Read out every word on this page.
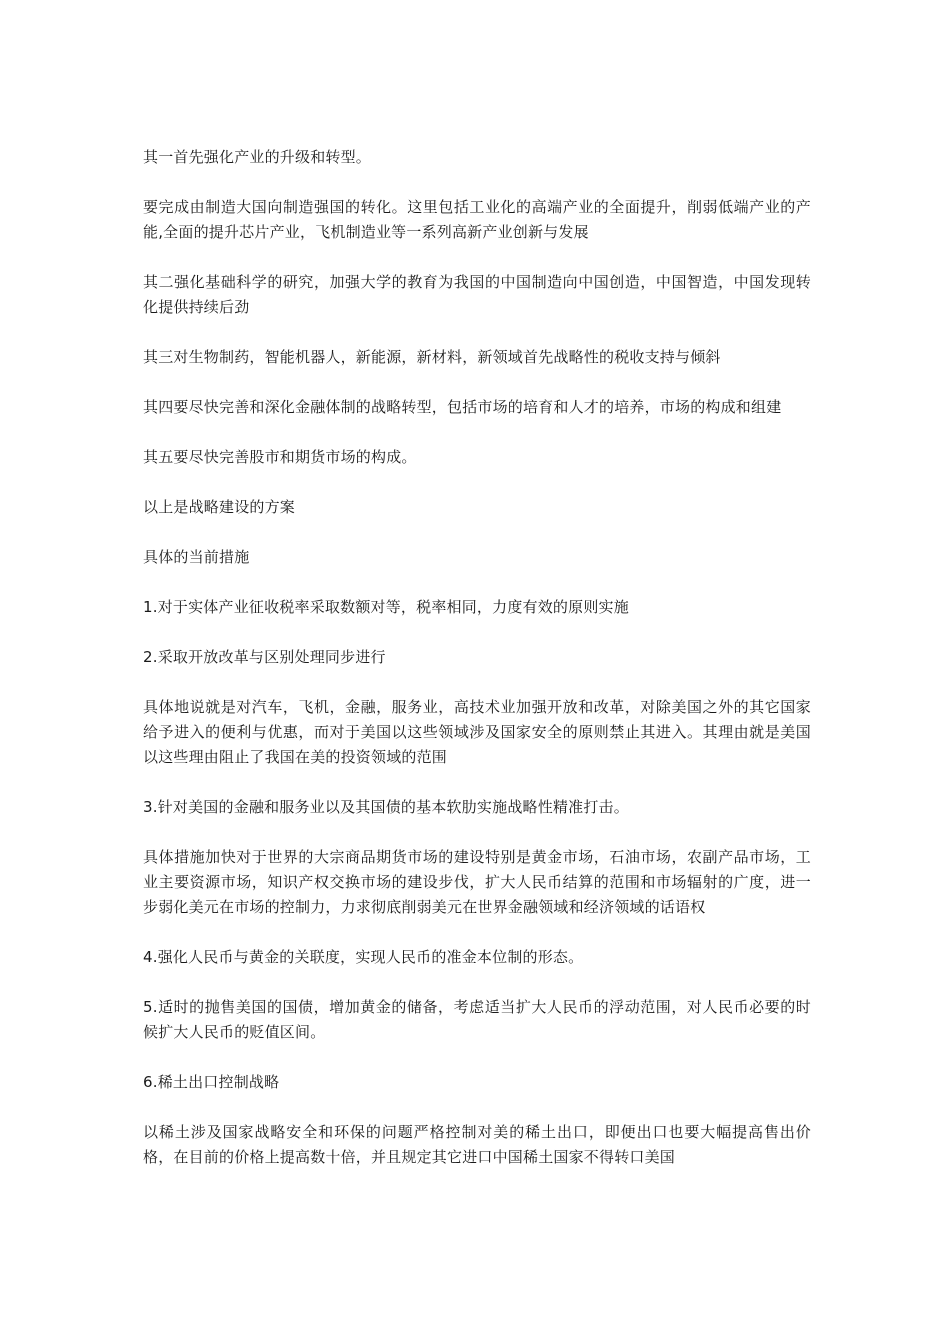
其一首先强化产业的升级和转型。

要完成由制造大国向制造强国的转化。这里包括工业化的高端产业的全面提升，削弱低端产业的产能,全面的提升芯片产业，飞机制造业等一系列高新产业创新与发展

其二强化基础科学的研究，加强大学的教育为我国的中国制造向中国创造，中国智造，中国发现转化提供持续后劲

其三对生物制药，智能机器人，新能源，新材料，新领域首先战略性的税收支持与倾斜

其四要尽快完善和深化金融体制的战略转型，包括市场的培育和人才的培养，市场的构成和组建

其五要尽快完善股市和期货市场的构成。

以上是战略建设的方案

具体的当前措施

1.对于实体产业征收税率采取数额对等，税率相同，力度有效的原则实施

2.采取开放改革与区别处理同步进行

具体地说就是对汽车，飞机，金融，服务业，高技术业加强开放和改革，对除美国之外的其它国家给予进入的便利与优惠，而对于美国以这些领域涉及国家安全的原则禁止其进入。其理由就是美国以这些理由阻止了我国在美的投资领域的范围

3.针对美国的金融和服务业以及其国债的基本软肋实施战略性精准打击。

具体措施加快对于世界的大宗商品期货市场的建设特别是黄金市场，石油市场，农副产品市场，工业主要资源市场，知识产权交换市场的建设步伐，扩大人民币结算的范围和市场辐射的广度，进一步弱化美元在市场的控制力，力求彻底削弱美元在世界金融领域和经济领域的话语权

4.强化人民币与黄金的关联度，实现人民币的准金本位制的形态。

5.适时的抛售美国的国债，增加黄金的储备，考虑适当扩大人民币的浮动范围，对人民币必要的时候扩大人民币的贬值区间。

6.稀土出口控制战略

以稀土涉及国家战略安全和环保的问题严格控制对美的稀土出口，即便出口也要大幅提高售出价格，在目前的价格上提高数十倍，并且规定其它进口中国稀土国家不得转口美国
